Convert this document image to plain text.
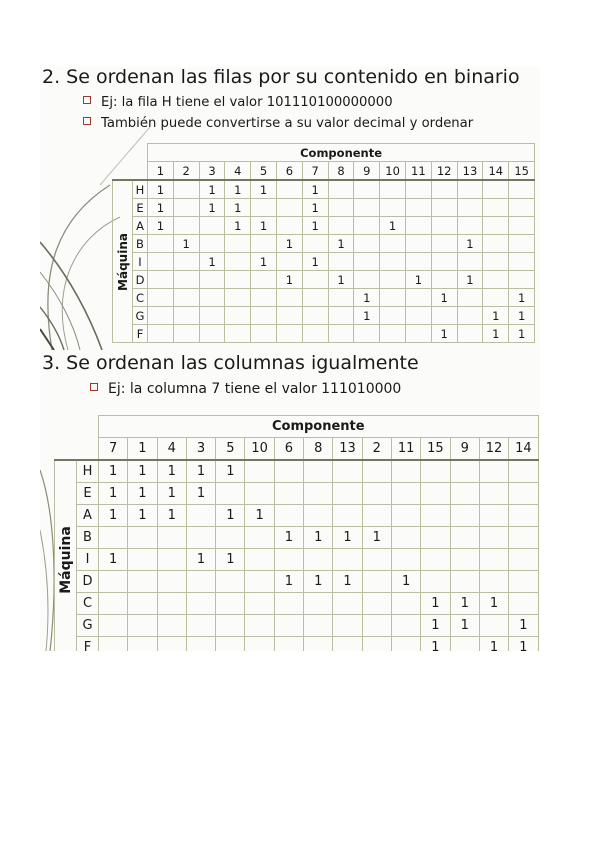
2. Se ordenan las filas por su contenido en binario
Ej: la fila H tiene el valor 101110100000000
También puede convertirse a su valor decimal y ordenar
		Componente														
		1	2	3	4	5	6	7	8	9	10	11	12	13	14	15

Máquina	H	1		1	1	1		1								
	E	1		1	1			1								
	A	1			1	1		1			1					
	B		1				1		1					1		
	I			1		1		1								
	D						1		1			1		1		
	C									1			1			1
	G									1					1	1
	F												1		1	1
3. Se ordenan las columnas igualmente
Ej: la columna 7 tiene el valor 111010000
		Componente														
		7	1	4	3	5	10	6	8	13	2	11	15	9	12	14

Máquina	H	1	1	1	1	1										
	E	1	1	1	1											
	A	1	1	1		1	1									
	B							1	1	1	1					
	I	1			1	1										
	D							1	1	1		1				
	C												1	1	1	
	G												1	1		1
	F												1		1	1
